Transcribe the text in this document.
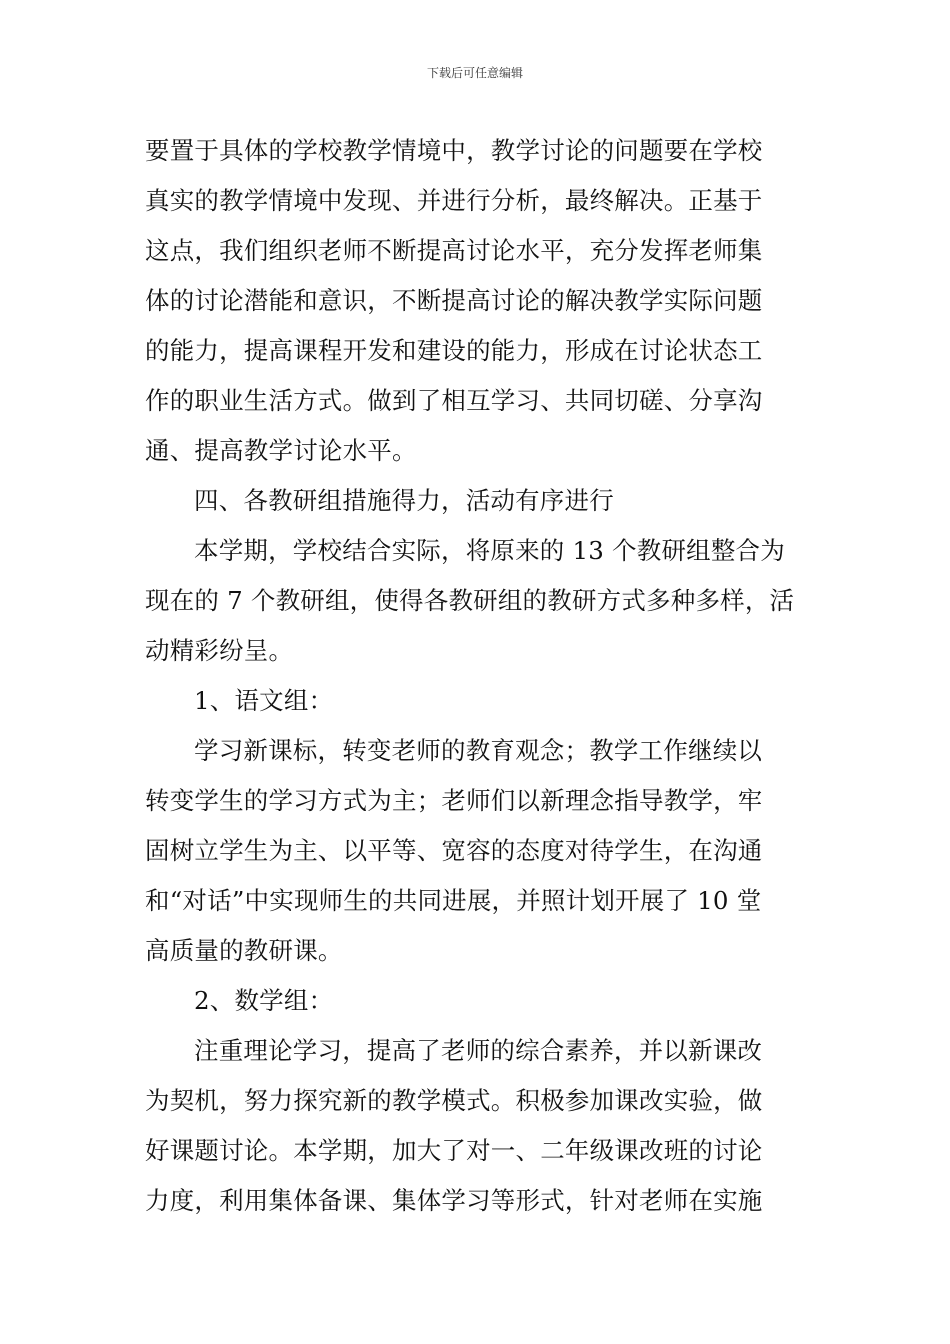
下载后可任意编辑
要置于具体的学校教学情境中，教学讨论的问题要在学校
真实的教学情境中发现、并进行分析，最终解决。正基于
这点，我们组织老师不断提高讨论水平，充分发挥老师集
体的讨论潜能和意识，不断提高讨论的解决教学实际问题
的能力，提高课程开发和建设的能力，形成在讨论状态工
作的职业生活方式。做到了相互学习、共同切磋、分享沟
通、提高教学讨论水平。
四、各教研组措施得力，活动有序进行
本学期，学校结合实际，将原来的 13 个教研组整合为
现在的 7 个教研组，使得各教研组的教研方式多种多样，活
动精彩纷呈。
1、语文组：
学习新课标，转变老师的教育观念；教学工作继续以
转变学生的学习方式为主；老师们以新理念指导教学，牢
固树立学生为主、以平等、宽容的态度对待学生，在沟通
和“对话”中实现师生的共同进展，并照计划开展了 10 堂
高质量的教研课。
2、数学组：
注重理论学习，提高了老师的综合素养，并以新课改
为契机，努力探究新的教学模式。积极参加课改实验，做
好课题讨论。本学期，加大了对一、二年级课改班的讨论
力度，利用集体备课、集体学习等形式，针对老师在实施
